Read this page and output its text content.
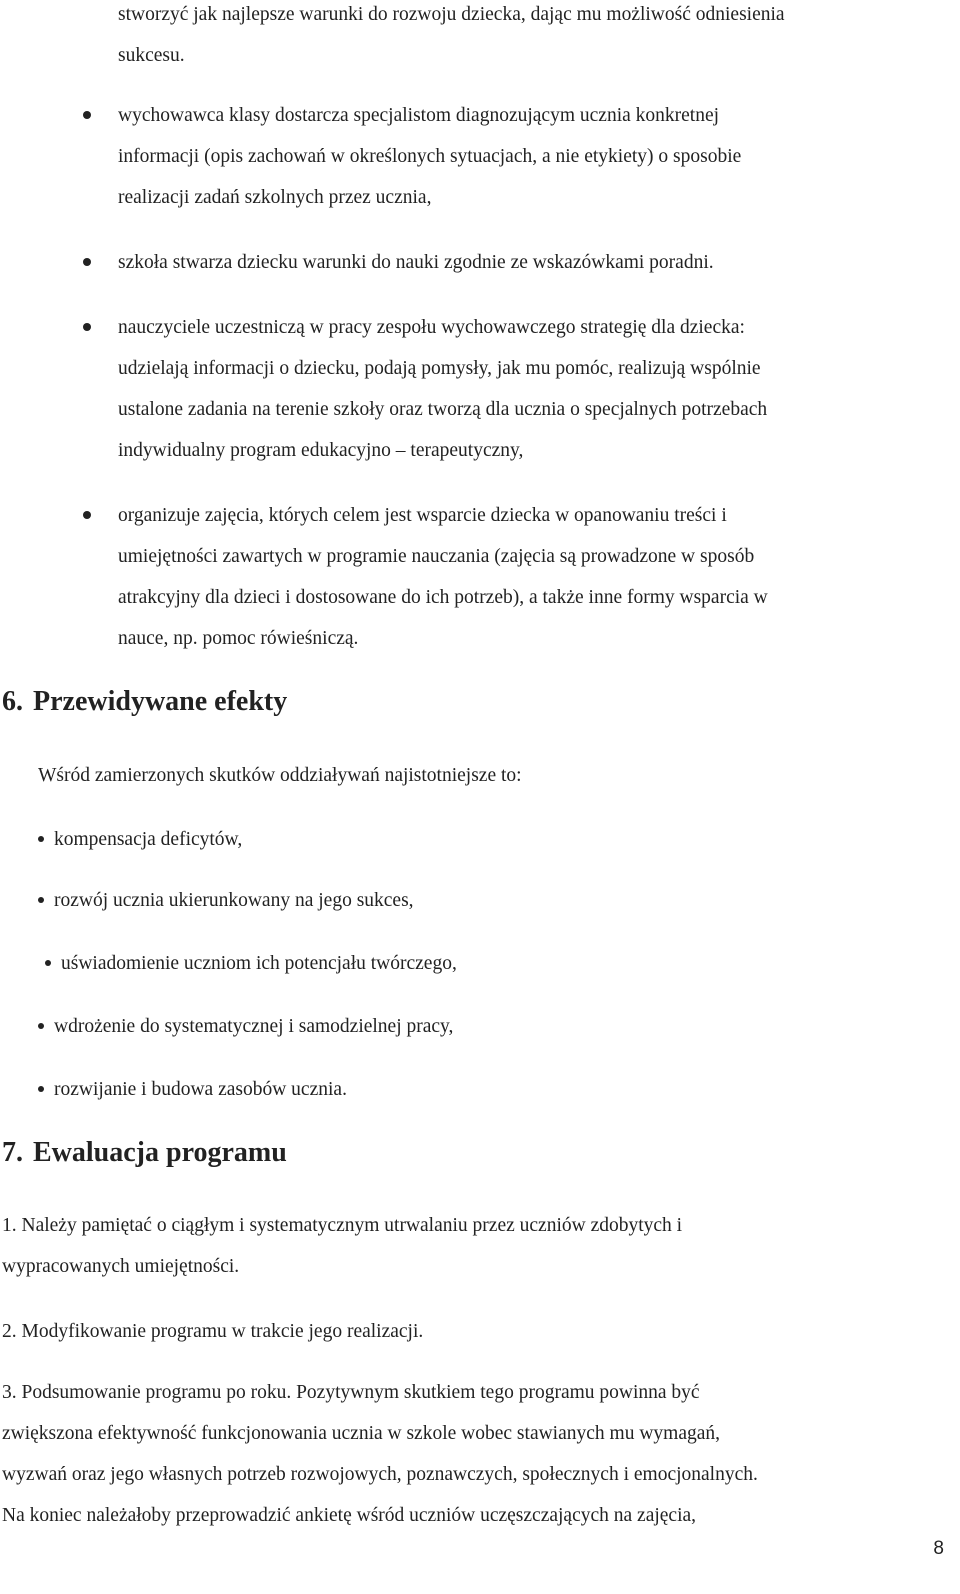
stworzyć jak najlepsze warunki do rozwoju dziecka, dając mu możliwość odniesienia

sukcesu.

wychowawca klasy dostarcza specjalistom diagnozującym ucznia konkretnej
informacji (opis zachowań w określonych sytuacjach, a nie etykiety) o sposobie
realizacji zadań szkolnych przez ucznia,
szkoła stwarza dziecku warunki do nauki zgodnie ze wskazówkami poradni.
nauczyciele uczestniczą w pracy zespołu wychowawczego strategię dla dziecka:
udzielają informacji o dziecku, podają pomysły, jak mu pomóc, realizują wspólnie
ustalone zadania na terenie szkoły oraz tworzą dla ucznia o specjalnych potrzebach
indywidualny program edukacyjno – terapeutyczny,
organizuje zajęcia, których celem jest wsparcie dziecka w opanowaniu treści i
umiejętności zawartych w programie nauczania (zajęcia są prowadzone w sposób
atrakcyjny dla dzieci i dostosowane do ich potrzeb), a także inne formy wsparcia w
nauce, np. pomoc rówieśniczą.
6. Przewidywane efekty

Wśród zamierzonych skutków oddziaływań najistotniejsze to:

kompensacja deficytów,
rozwój ucznia ukierunkowany na jego sukces,
uświadomienie uczniom ich potencjału twórczego,
wdrożenie do systematycznej i samodzielnej pracy,
rozwijanie i budowa zasobów ucznia.
7. Ewaluacja programu

1. Należy pamiętać o ciągłym i systematycznym utrwalaniu przez uczniów zdobytych i

wypracowanych umiejętności.

2. Modyfikowanie programu w trakcie jego realizacji.

3. Podsumowanie programu po roku. Pozytywnym skutkiem tego programu powinna być

zwiększona efektywność funkcjonowania ucznia w szkole wobec stawianych mu wymagań,

wyzwań oraz jego własnych potrzeb rozwojowych, poznawczych, społecznych i emocjonalnych.

Na koniec należałoby przeprowadzić ankietę wśród uczniów uczęszczających na zajęcia,

8
